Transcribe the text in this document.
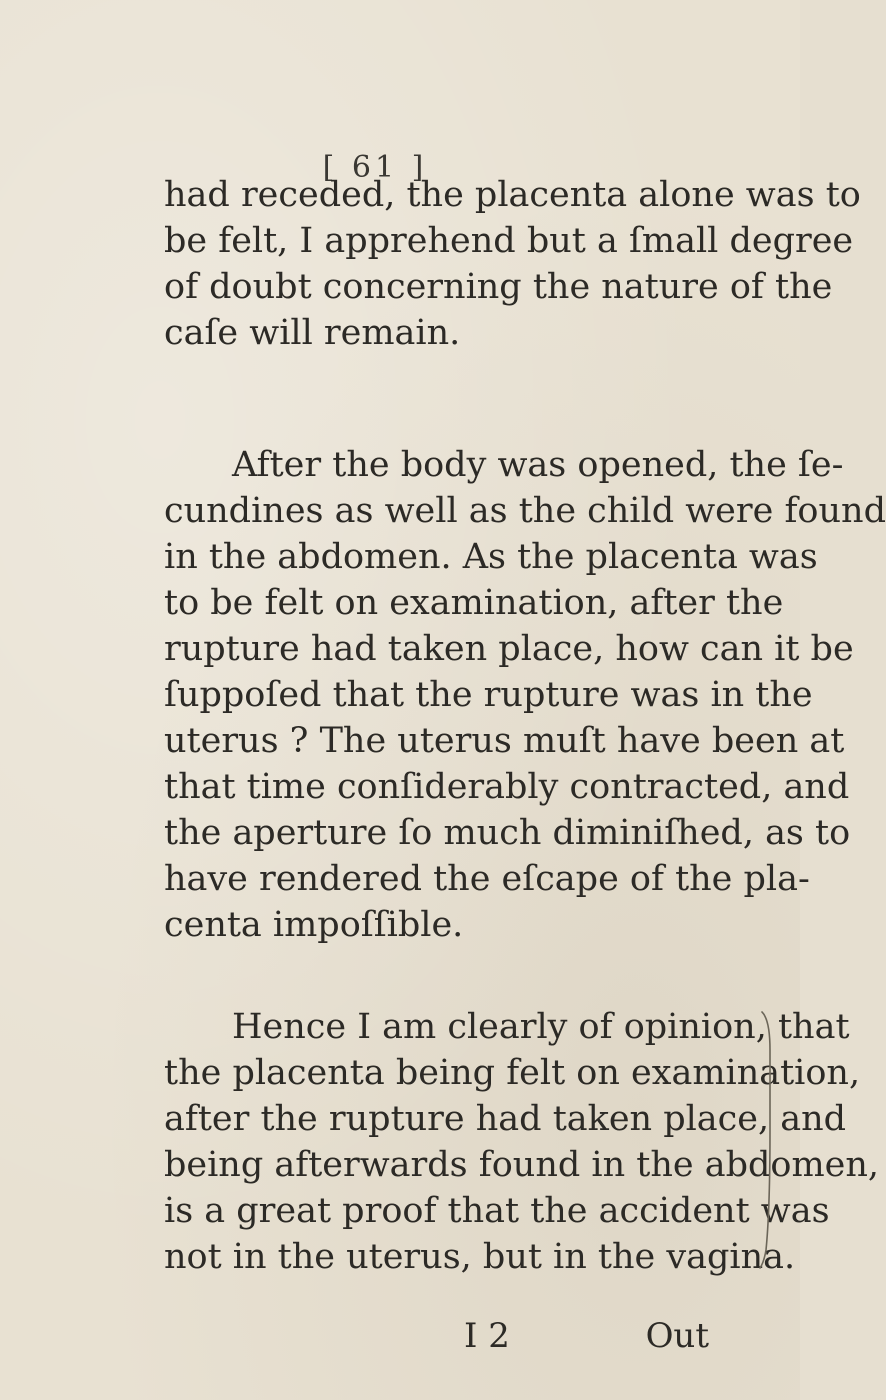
[ 61 ]
had receded, the placenta alone was to
be felt, I apprehend but a ſmall degree
of doubt concerning the nature of the
caſe will remain.
After the body was opened, the ſe-
cundines as well as the child were found
in the abdomen. As the placenta was
to be felt on examination, after the
rupture had taken place, how can it be
ſuppoſed that the rupture was in the
uterus ? The uterus muſt have been at
that time conſiderably contracted, and
the aperture ſo much diminiſhed, as to
have rendered the eſcape of the pla-
centa impoſſible.
Hence I am clearly of opinion, that
the placenta being felt on examination,
after the rupture had taken place, and
being afterwards found in the abdomen,
is a great proof that the accident was
not in the uterus, but in the vagina.
I 2	Out
